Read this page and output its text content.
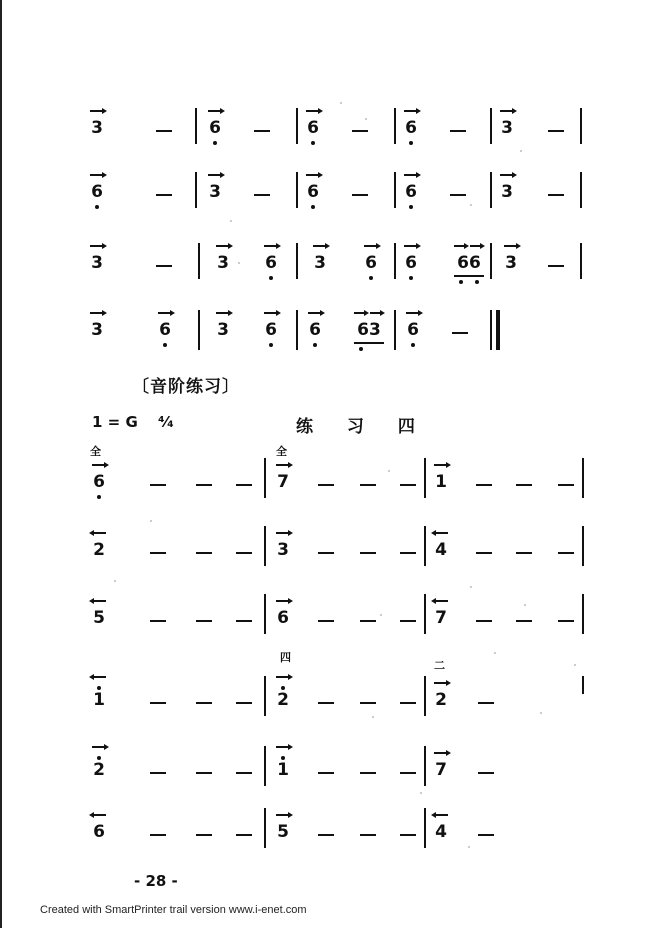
3	6	6	6	3
6	3	6	6	3
3	3	6	3	6	6	66	3
3	6	3	6	6	63	6
6	7	1
2	3	4
5	6	7
1	2	2
2	1	7
6	5	4
〔音阶练习〕
1 = G ⁴⁄₄	练 习 四
全	全
四
二
- 28 -
Created with SmartPrinter trail version www.i-enet.com
